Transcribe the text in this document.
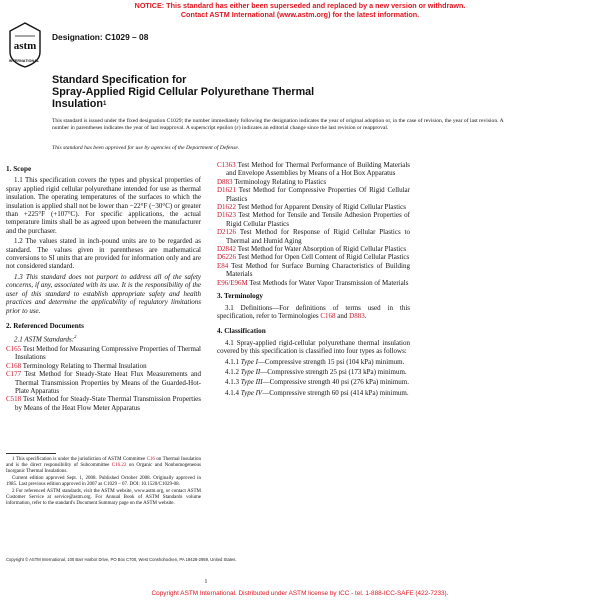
NOTICE: This standard has either been superseded and replaced by a new version or withdrawn.
Contact ASTM International (www.astm.org) for the latest information.
astm
INTERNATIONAL
Designation: C1029 – 08
Standard Specification for
Spray-Applied Rigid Cellular Polyurethane Thermal
Insulation$^1$
This standard is issued under the fixed designation C1029; the number immediately following the designation indicates the year of original adoption or, in the case of revision, the year of last revision. A number in parentheses indicates the year of last reapproval. A superscript epsilon (ε) indicates an editorial change since the last revision or reapproval.
This standard has been approved for use by agencies of the Department of Defense.
1. Scope

1.1 This specification covers the types and physical properties of spray applied rigid cellular polyurethane intended for use as thermal insulation. The operating temperatures of the surfaces to which the insulation is applied shall not be lower than −22°F (−30°C) or greater than +225°F (+107°C). For specific applications, the actual temperature limits shall be as agreed upon between the manufacturer and the purchaser.

1.2 The values stated in inch-pound units are to be regarded as standard. The values given in parentheses are mathematical conversions to SI units that are provided for information only and are not considered standard.

1.3 This standard does not purport to address all of the safety concerns, if any, associated with its use. It is the responsibility of the user of this standard to establish appropriate safety and health practices and determine the applicability of regulatory limitations prior to use.

2. Referenced Documents

2.1 ASTM Standards:$^2$

C165 Test Method for Measuring Compressive Properties of Thermal Insulations

C168 Terminology Relating to Thermal Insulation

C177 Test Method for Steady-State Heat Flux Measurements and Thermal Transmission Properties by Means of the Guarded-Hot-Plate Apparatus

C518 Test Method for Steady-State Thermal Transmission Properties by Means of the Heat Flow Meter Apparatus

1 This specification is under the jurisdiction of ASTM Committee C16 on Thermal Insulation and is the direct responsibility of Subcommittee C16.22 on Organic and Nonhomogeneous Inorganic Thermal Insulations.

Current edition approved Sept. 1, 2008. Published October 2008. Originally approved in 1985. Last previous edition approved in 2007 as C1029 – 07. DOI: 10.1520/C1029-08.

2 For referenced ASTM standards, visit the ASTM website, www.astm.org, or contact ASTM Customer Service at service@astm.org. For Annual Book of ASTM Standards volume information, refer to the standard's Document Summary page on the ASTM website.

C1363 Test Method for Thermal Performance of Building Materials and Envelope Assemblies by Means of a Hot Box Apparatus

D883 Terminology Relating to Plastics

D1621 Test Method for Compressive Properties Of Rigid Cellular Plastics

D1622 Test Method for Apparent Density of Rigid Cellular Plastics

D1623 Test Method for Tensile and Tensile Adhesion Properties of Rigid Cellular Plastics

D2126 Test Method for Response of Rigid Cellular Plastics to Thermal and Humid Aging

D2842 Test Method for Water Absorption of Rigid Cellular Plastics

D6226 Test Method for Open Cell Content of Rigid Cellular Plastics

E84 Test Method for Surface Burning Characteristics of Building Materials

E96/E96M Test Methods for Water Vapor Transmission of Materials

3. Terminology

3.1 Definitions—For definitions of terms used in this specification, refer to Terminologies C168 and D883.

4. Classification

4.1 Spray-applied rigid-cellular polyurethane thermal insulation covered by this specification is classified into four types as follows:

4.1.1 Type I—Compressive strength 15 psi (104 kPa) minimum.

4.1.2 Type II—Compressive strength 25 psi (173 kPa) minimum.

4.1.3 Type III—Compressive strength 40 psi (276 kPa) minimum.

4.1.4 Type IV—Compressive strength 60 psi (414 kPa) minimum.

Copyright © ASTM International, 100 Barr Harbor Drive, PO Box C700, West Conshohocken, PA 19428-2959, United States.
1
Copyright ASTM International. Distributed under ASTM license by ICC - tel. 1-888-ICC-SAFE (422-7233).
